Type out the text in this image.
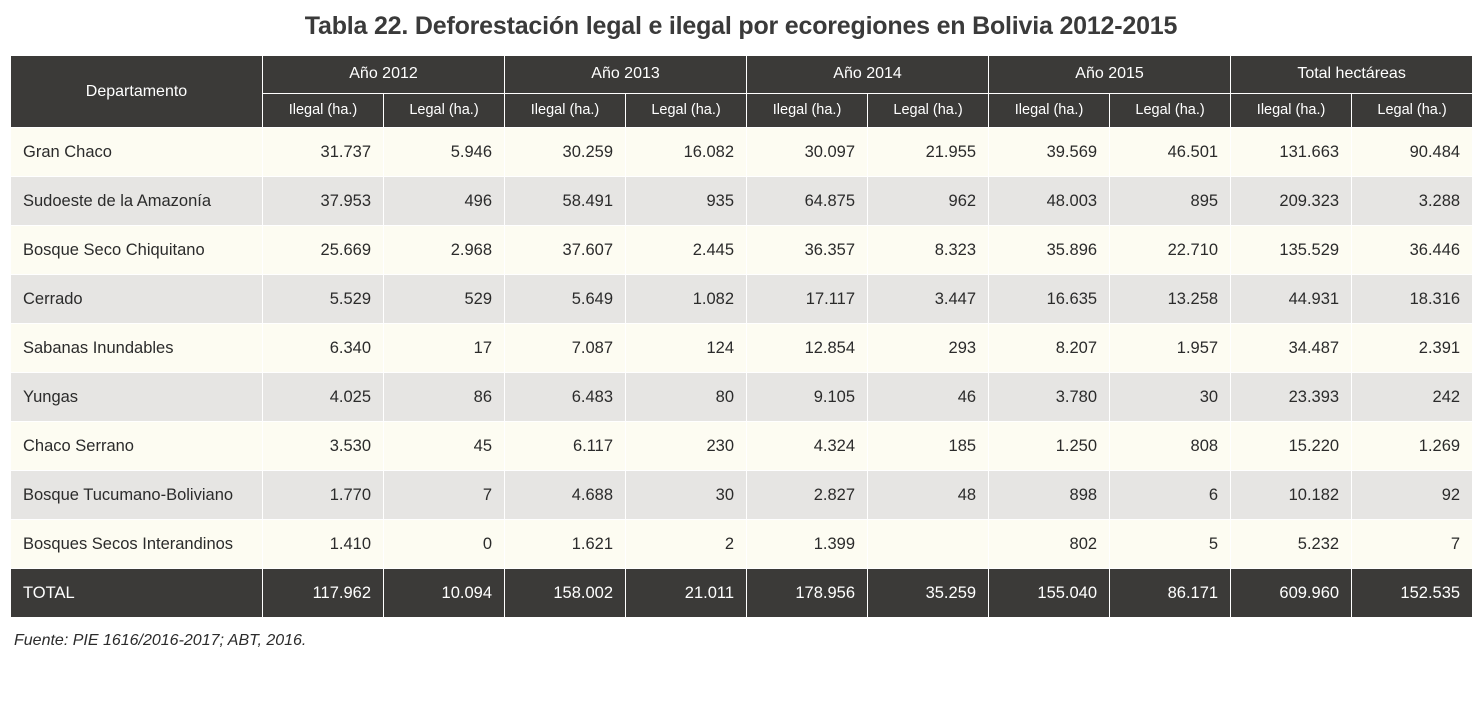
Tabla 22. Deforestación legal e ilegal por ecoregiones en Bolivia 2012-2015
Departamento	Año 2012		Año 2013		Año 2014		Año 2015		Total hectáreas	
	Ilegal (ha.)	Legal (ha.)	Ilegal (ha.)	Legal (ha.)	Ilegal (ha.)	Legal (ha.)	Ilegal (ha.)	Legal (ha.)	Ilegal (ha.)	Legal (ha.)
Gran Chaco	31.737	5.946	30.259	16.082	30.097	21.955	39.569	46.501	131.663	90.484
Sudoeste de la Amazonía	37.953	496	58.491	935	64.875	962	48.003	895	209.323	3.288
Bosque Seco Chiquitano	25.669	2.968	37.607	2.445	36.357	8.323	35.896	22.710	135.529	36.446
Cerrado	5.529	529	5.649	1.082	17.117	3.447	16.635	13.258	44.931	18.316
Sabanas Inundables	6.340	17	7.087	124	12.854	293	8.207	1.957	34.487	2.391
Yungas	4.025	86	6.483	80	9.105	46	3.780	30	23.393	242
Chaco Serrano	3.530	45	6.117	230	4.324	185	1.250	808	15.220	1.269
Bosque Tucumano-Boliviano	1.770	7	4.688	30	2.827	48	898	6	10.182	92
Bosques Secos Interandinos	1.410	0	1.621	2	1.399		802	5	5.232	7
TOTAL	117.962	10.094	158.002	21.011	178.956	35.259	155.040	86.171	609.960	152.535
Fuente: PIE 1616/2016-2017; ABT, 2016.
